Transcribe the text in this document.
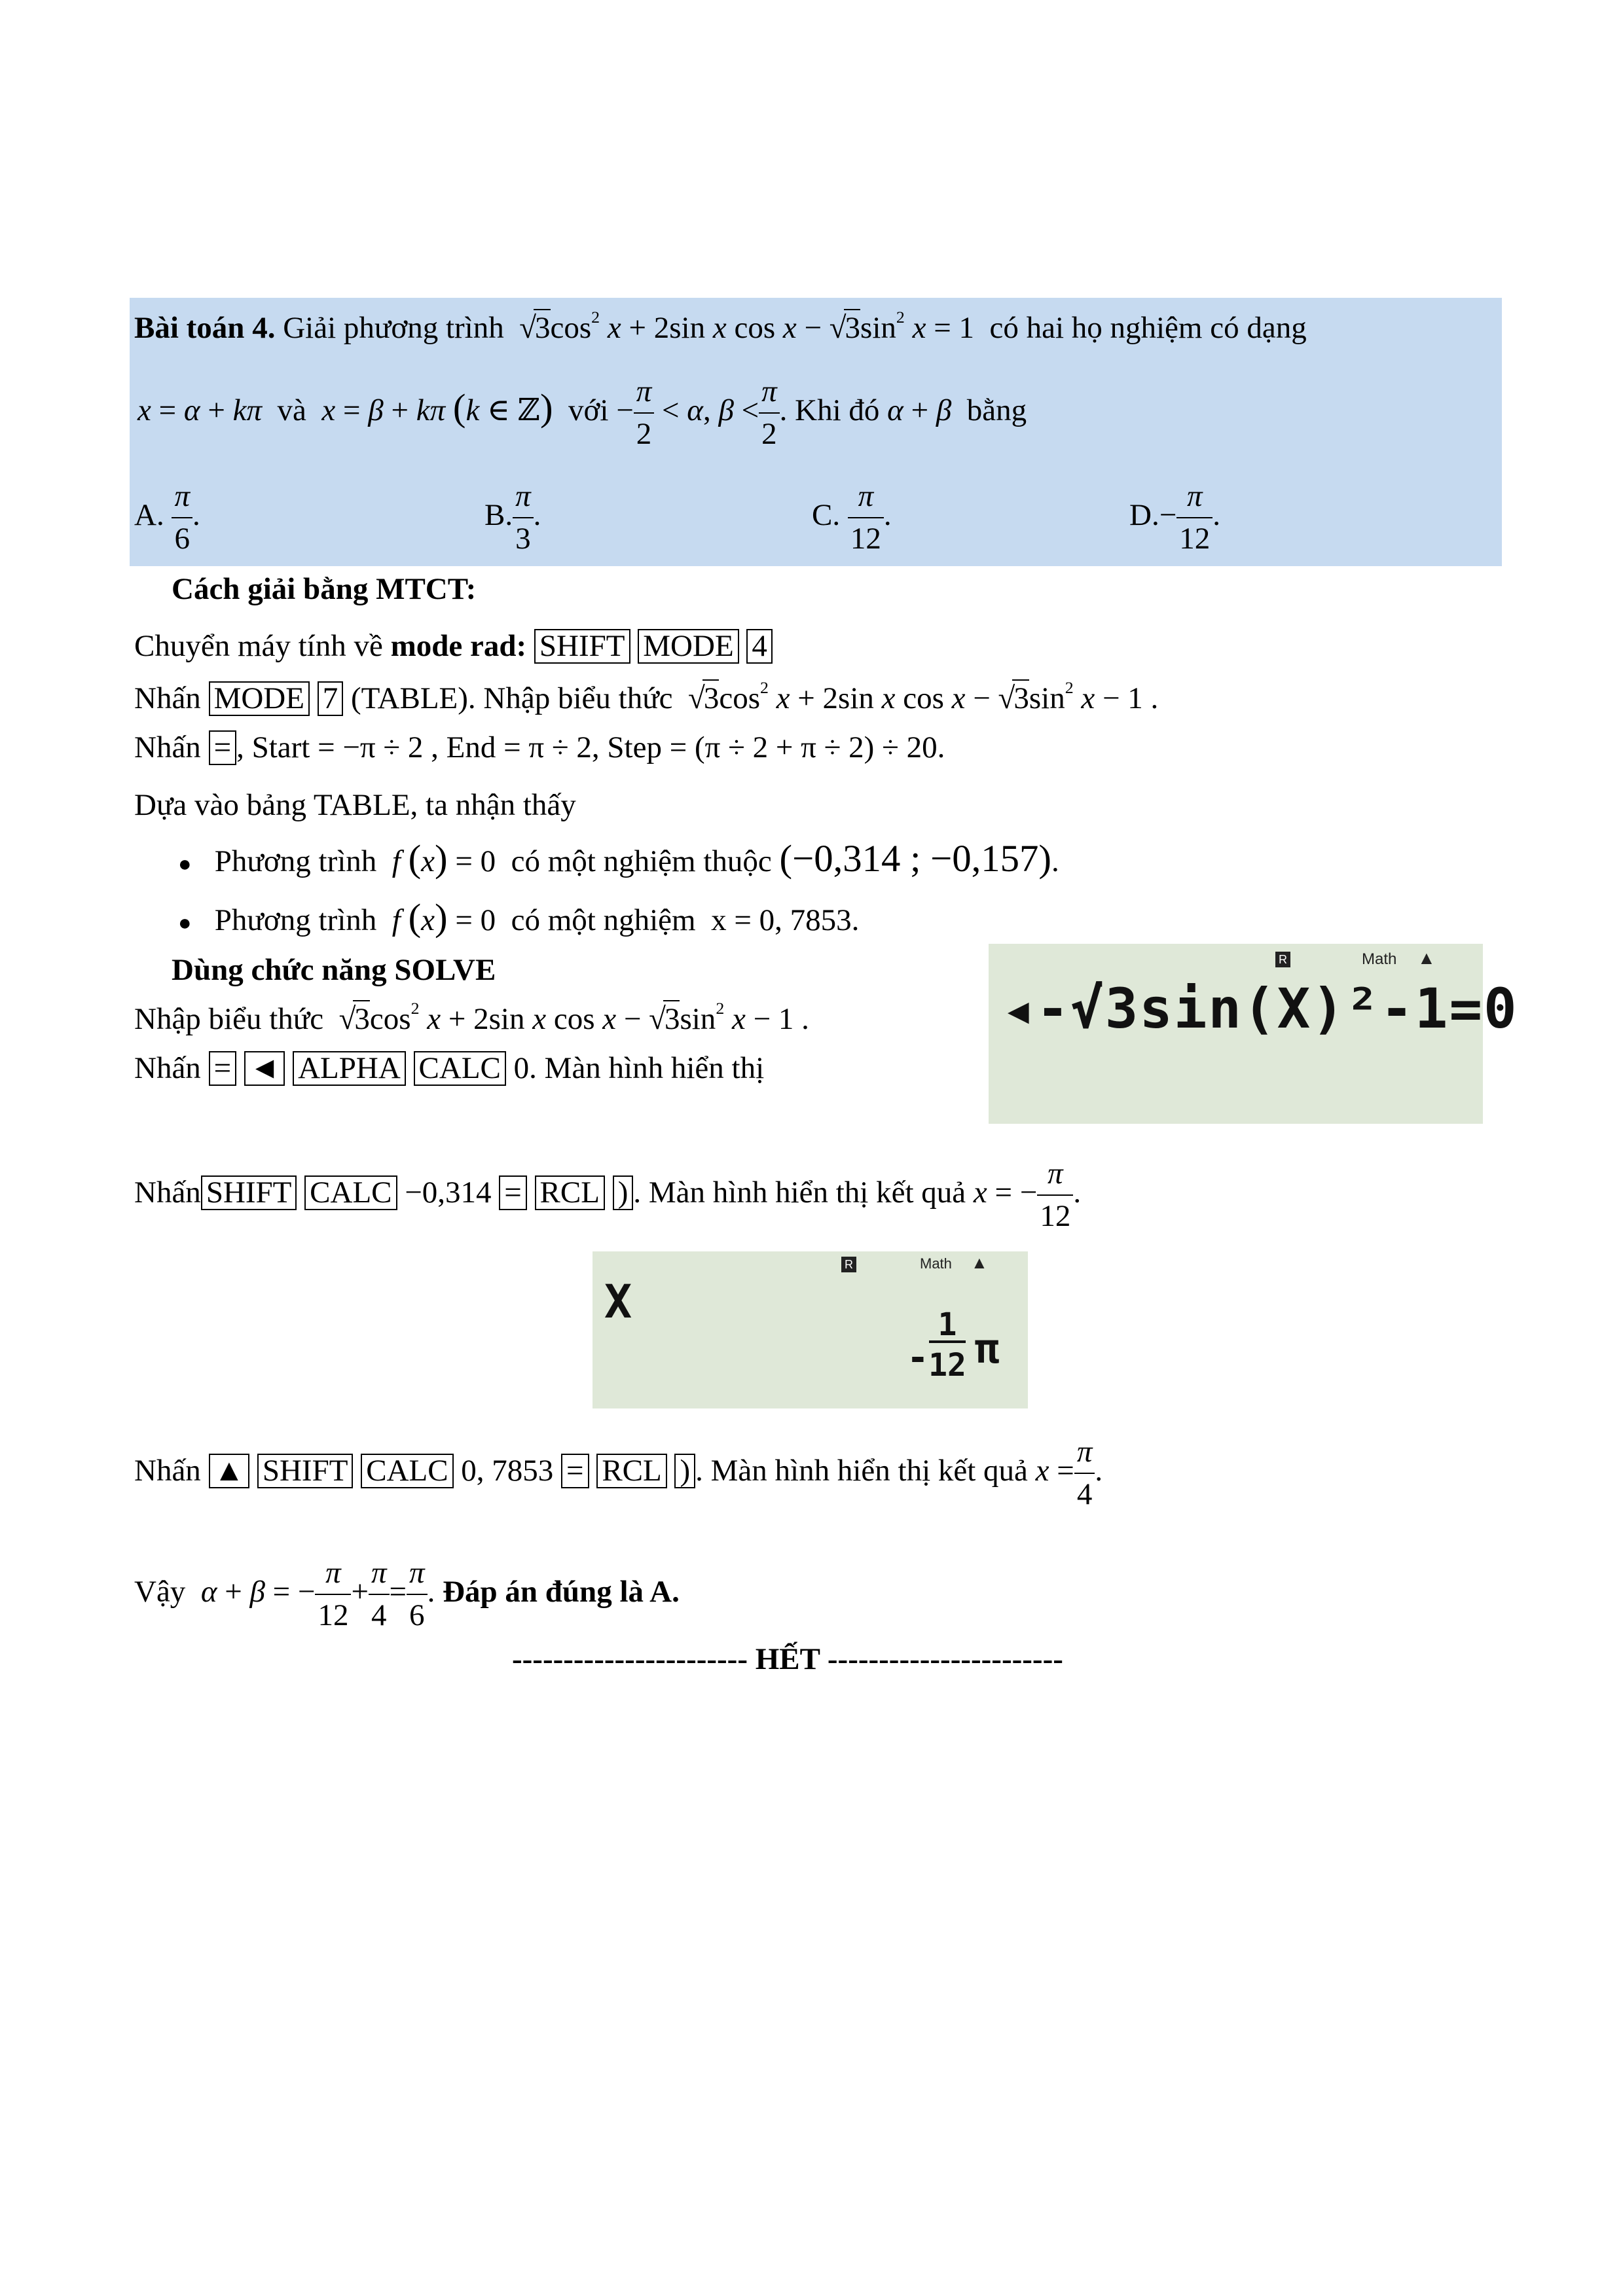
Bài toán 4. Giải phương trình  $√3\cos^2$ x + 2sin x $\cos x - √3\sin^2$ x = 1  có hai họ nghiệm có dạng
x = α + kπ và x = β + kπ (k ∈ ℤ) với − $\frac{\pi}{2} < \alpha$, $\beta < \frac{\pi}{2}$ . Khi đó α + β bằng
A. $\frac{\pi}{6}$ .	B. $\frac{\pi}{3}$ .	C. $\frac{\pi}{12}$ .	$D.- \frac{\pi}{12}$ .
Cách giải bằng MTCT:
Chuyển máy tính về mode rad: SHIFT MODE 4
Nhấn MODE 7 (TABLE). Nhập biểu thức  $√3\cos^2$ x + 2sin x $\cos x - √3\sin^2$ x − 1 .
Nhấn = , Start = −π ÷ 2 , End = π ÷ 2, Step = (π ÷ 2 + π ÷ 2) ÷ 20.
Dựa vào bảng TABLE, ta nhận thấy
● Phương trình f (x) = 0  có một nghiệm thuộc (−0,314 ; −0,157).
● Phương trình f (x) = 0  có một nghiệm x = 0, 7853.
Dùng chức năng SOLVE
Nhập biểu thức  $√3\cos^2$ x + 2sin x $\cos x - √3\sin^2$ x − 1 .
Nhấn = ◄ ALPHA CALC 0. Màn hình hiển thị
R	Math ▲
◂-√3sin(X)²-1=0
Nhấn SHIFT CALC −0,314 = RCL ) . Màn hình hiển thị kết quả x = − $\frac{\pi}{12}$ .
R	Math ▲
X
-
1
12 π
Nhấn ▲ SHIFT CALC 0, 7853 = RCL ) . Màn hình hiển thị kết quả $x = \frac{\pi}{4}$ .
Vậy α + β = − $\frac{\pi}{12} + \frac{\pi}{4} = \frac{\pi}{6}$ . Đáp án đúng là A.
----------------------- HẾT -----------------------
